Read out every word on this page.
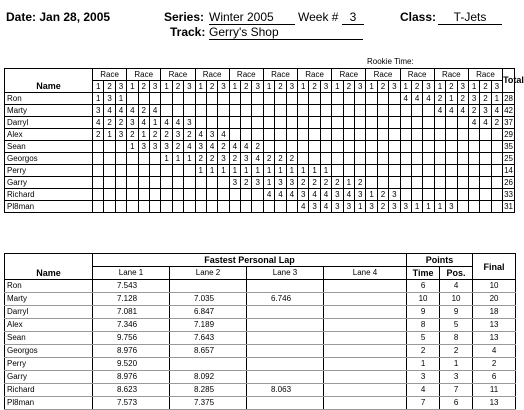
Date: Jan 28, 2005	Series: Winter 2005	Week # 3	Class:	T-Jets
Track: Gerry's Shop
Rookie Time:
Name	Race			Race			Race			Race			Race			Race			Race			Race			Race			Race			Race			Race			Total
	1	2	3	1	2	3	1	2	3	1	2	3	1	2	3	1	2	3	1	2	3	1	2	3	1	2	3	1	2	3	1	2	3	1	2	3	
Ron	1	3	1																									4	4	4	2	1	2	3	2	1	28
Marty	3	4	4	4	2	4																									4	4	4	2	3	4	42
Darryl	4	2	2	3	4	1	4	4	3																									4	4	2	37
Alex	2	1	3	2	1	2	2	3	2	4	3	4																									29
Sean				1	3	3	3	2	4	3	4	2	4	4	2																						35
Georgos							1	1	1	2	2	3	2	3	4	2	2	2																			25
Perry										1	1	1	1	1	1	1	1	1	1	1	1																14
Garry													3	2	3	1	3	3	2	2	2	2	1	2													26
Richard																4	4	4	3	4	4	3	4	3	1	2	3										33
Pl8man																			4	3	4	3	3	1	3	2	3	3	1	1	1	3					31
Name	Fastest Personal Lap				Points		Final
	Lane 1	Lane 2	Lane 3	Lane 4	Time	Pos.	
Ron	7.543				6	4	10
Marty	7.128	7.035	6.746		10	10	20
Darryl	7.081	6.847			9	9	18
Alex	7.346	7.189			8	5	13
Sean	9.756	7.643			5	8	13
Georgos	8.976	8.657			2	2	4
Perry	9.520				1	1	2
Garry	8.976	8.092			3	3	6
Richard	8.623	8.285	8.063		4	7	11
Pl8man	7.573	7.375			7	6	13
